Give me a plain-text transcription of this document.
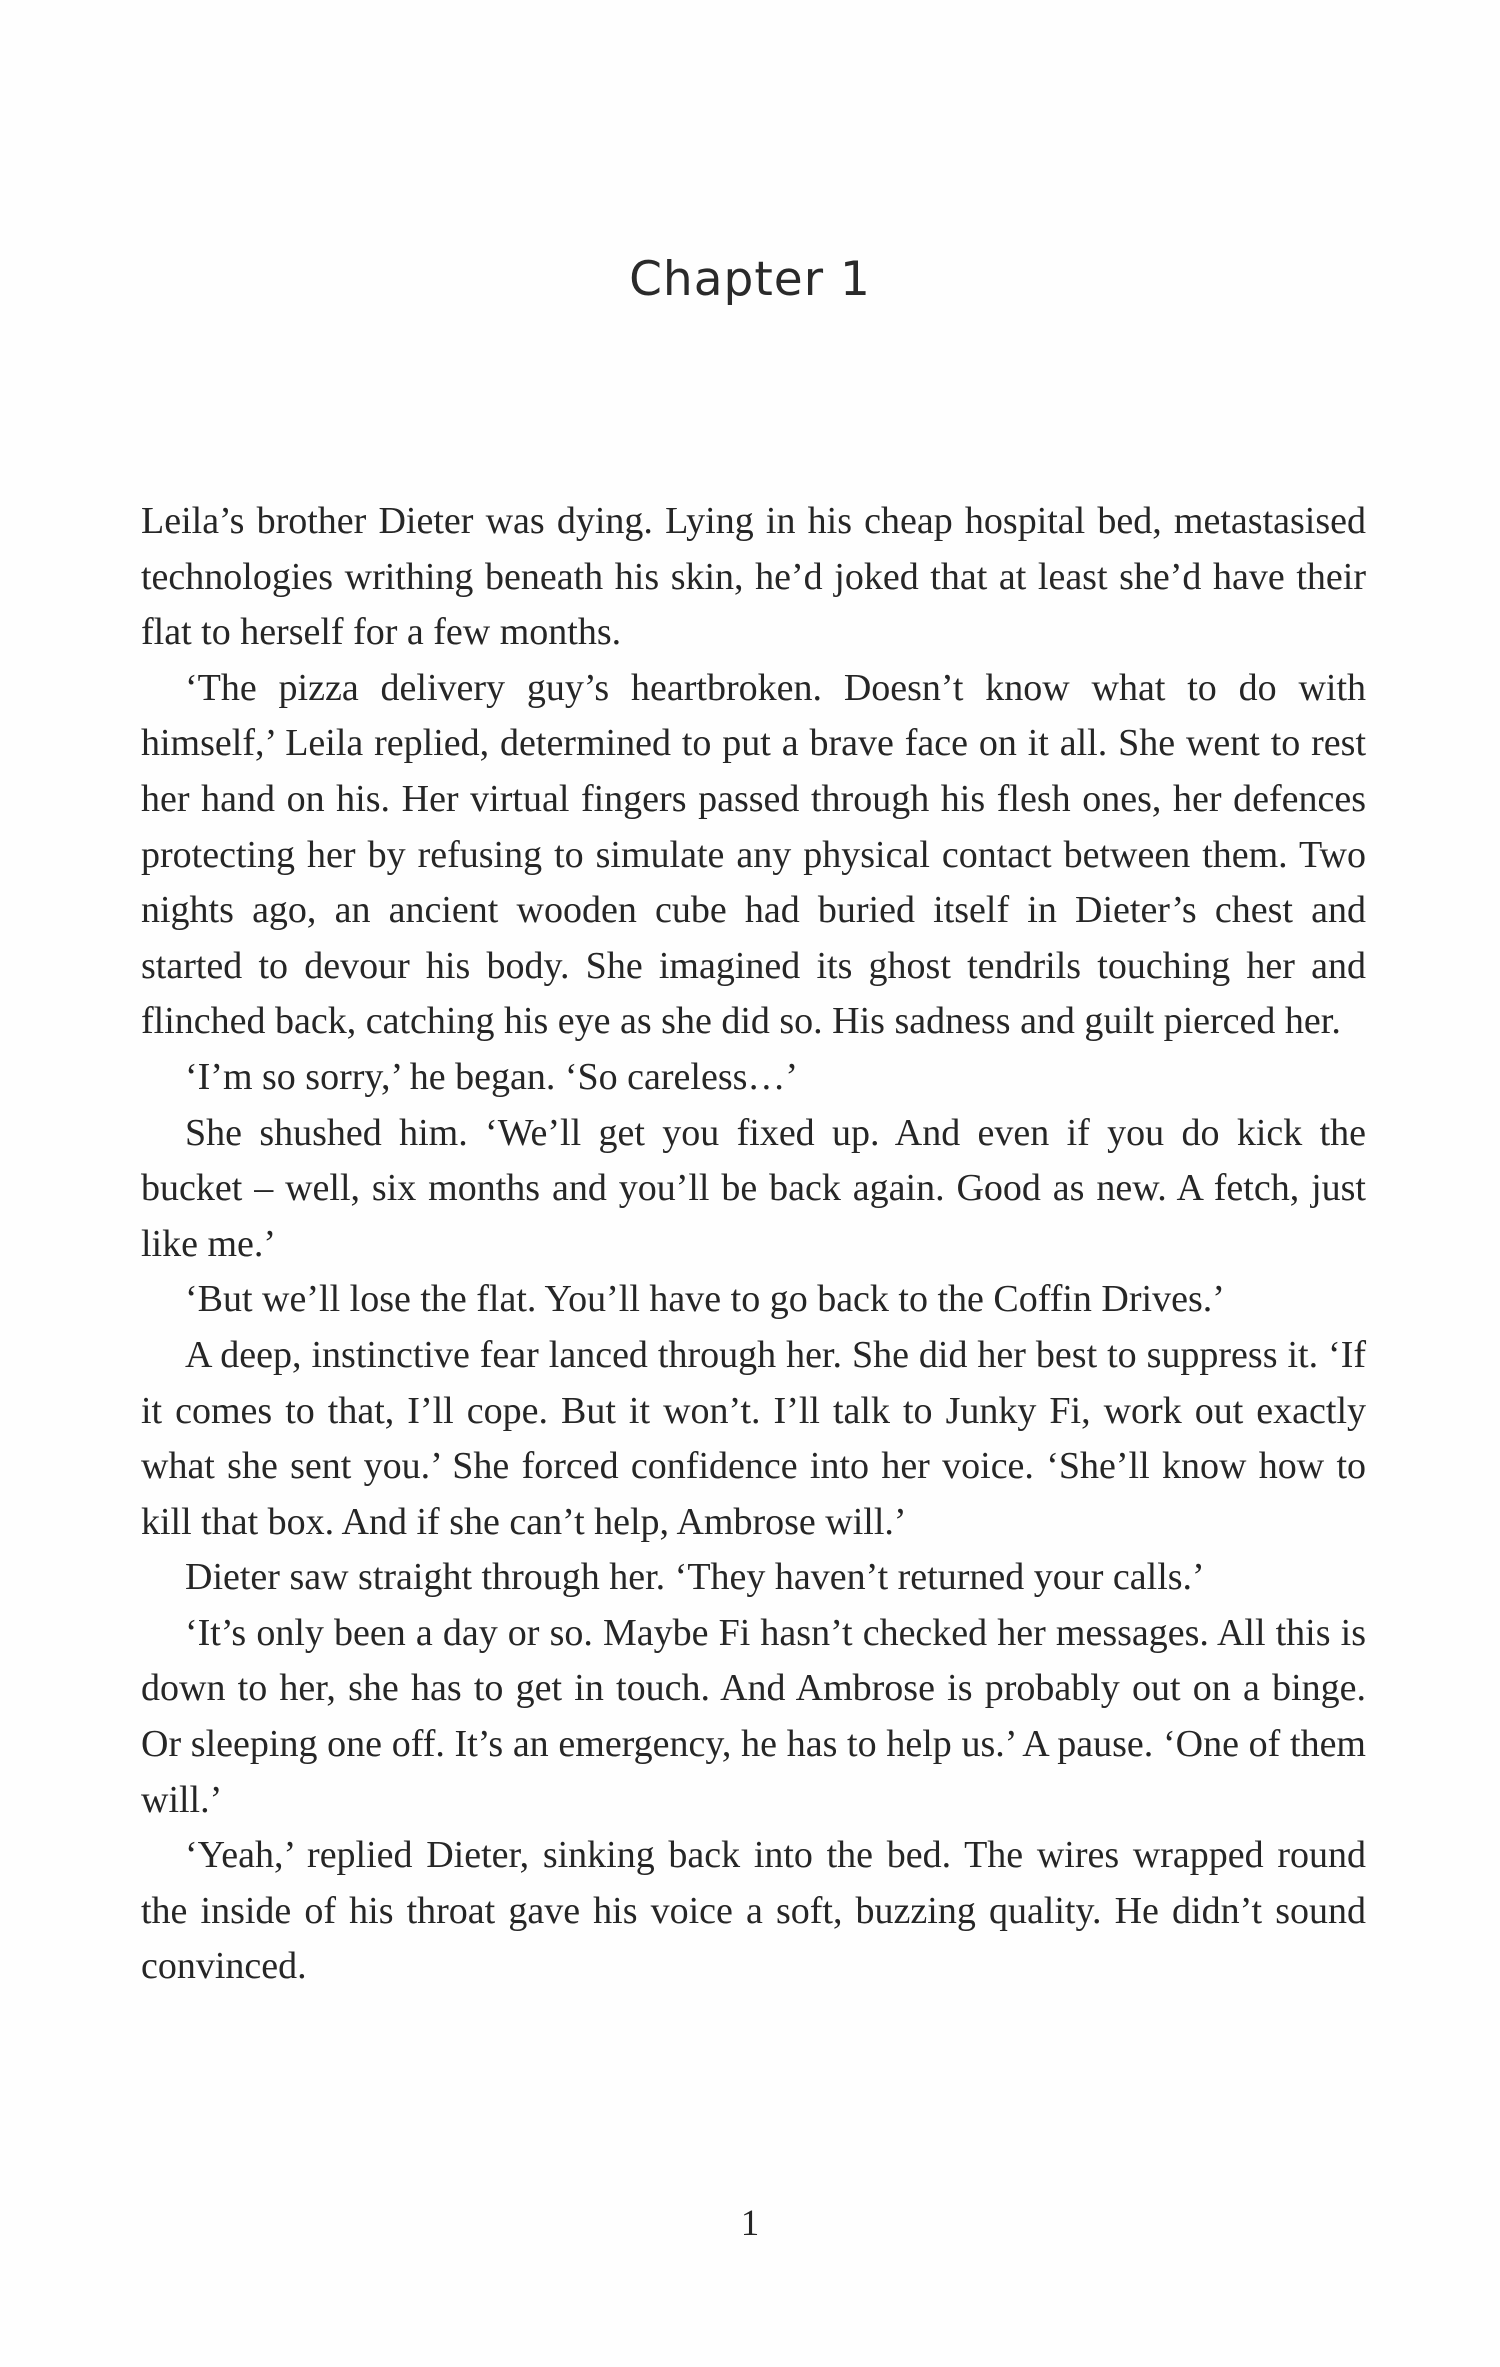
Chapter 1

Leila’s brother Dieter was dying. Lying in his cheap hospital bed, metastasised technologies writhing beneath his skin, he’d joked that at least she’d have their flat to herself for a few months.

‘The pizza delivery guy’s heartbroken. Doesn’t know what to do with himself,’ Leila replied, determined to put a brave face on it all. She went to rest her hand on his. Her virtual fingers passed through his flesh ones, her defences protecting her by refusing to simulate any physical contact between them. Two nights ago, an ancient wooden cube had buried itself in Dieter’s chest and started to devour his body. She imagined its ghost tendrils touching her and flinched back, catching his eye as she did so. His sadness and guilt pierced her.

‘I’m so sorry,’ he began. ‘So careless…’

She shushed him. ‘We’ll get you fixed up. And even if you do kick the bucket – well, six months and you’ll be back again. Good as new. A fetch, just like me.’

‘But we’ll lose the flat. You’ll have to go back to the Coffin Drives.’

A deep, instinctive fear lanced through her. She did her best to suppress it. ‘If it comes to that, I’ll cope. But it won’t. I’ll talk to Junky Fi, work out exactly what she sent you.’ She forced confidence into her voice. ‘She’ll know how to kill that box. And if she can’t help, Ambrose will.’

Dieter saw straight through her. ‘They haven’t returned your calls.’

‘It’s only been a day or so. Maybe Fi hasn’t checked her messages. All this is down to her, she has to get in touch. And Ambrose is probably out on a binge. Or sleeping one off. It’s an emergency, he has to help us.’ A pause. ‘One of them will.’

‘Yeah,’ replied Dieter, sinking back into the bed. The wires wrapped round the inside of his throat gave his voice a soft, buzzing quality. He didn’t sound convinced.

1
